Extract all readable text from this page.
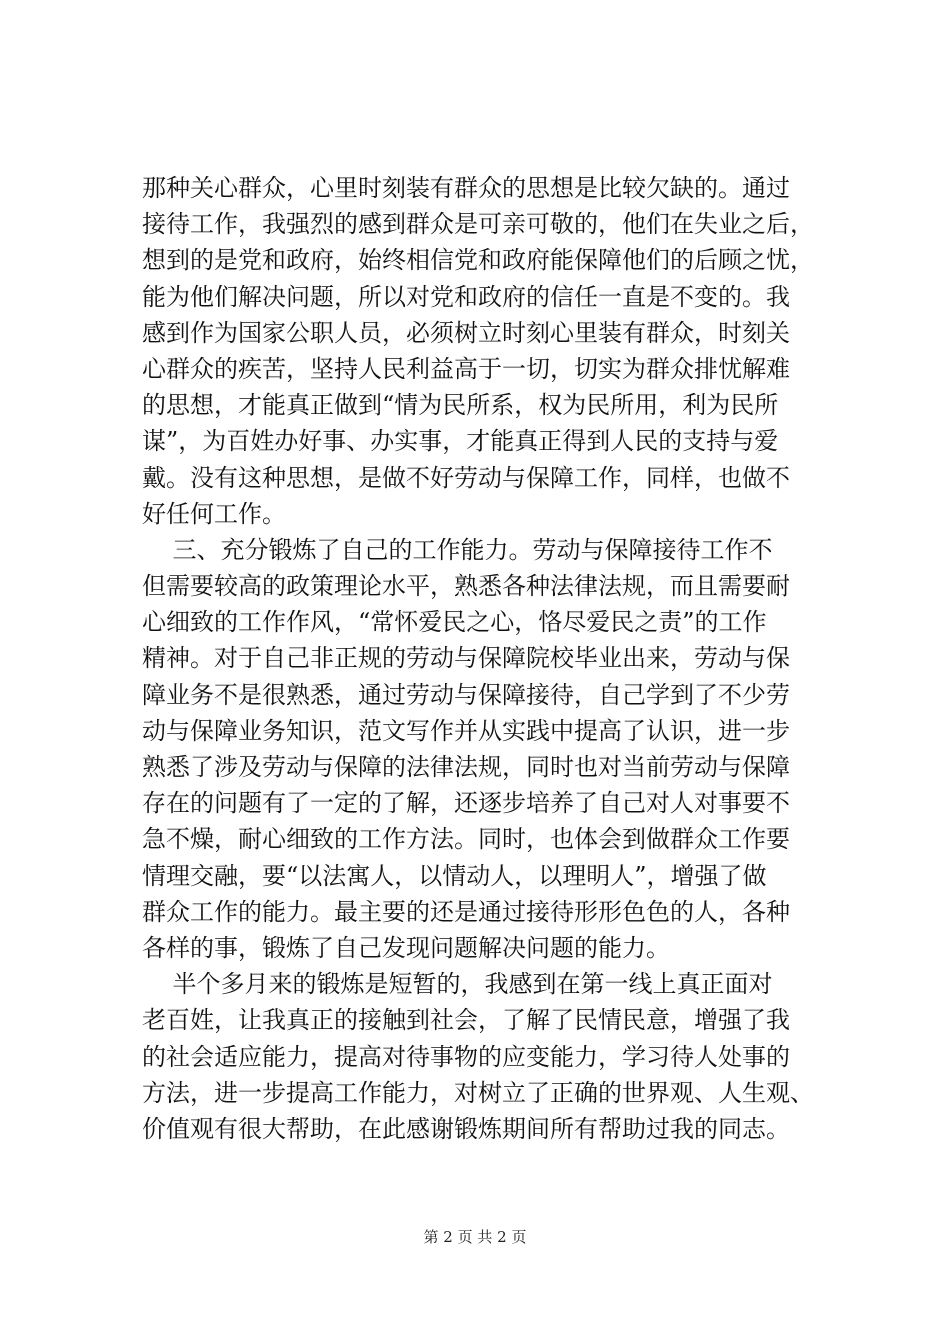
那种关心群众，心里时刻装有群众的思想是比较欠缺的。通过
接待工作，我强烈的感到群众是可亲可敬的，他们在失业之后，
想到的是党和政府，始终相信党和政府能保障他们的后顾之忧，
能为他们解决问题，所以对党和政府的信任一直是不变的。我
感到作为国家公职人员，必须树立时刻心里装有群众，时刻关
心群众的疾苦，坚持人民利益高于一切，切实为群众排忧解难
的思想，才能真正做到“情为民所系，权为民所用，利为民所
谋”，为百姓办好事、办实事，才能真正得到人民的支持与爱
戴。没有这种思想，是做不好劳动与保障工作，同样，也做不
好任何工作。
三、充分锻炼了自己的工作能力。劳动与保障接待工作不
但需要较高的政策理论水平，熟悉各种法律法规，而且需要耐
心细致的工作作风，“常怀爱民之心，恪尽爱民之责”的工作
精神。对于自己非正规的劳动与保障院校毕业出来，劳动与保
障业务不是很熟悉，通过劳动与保障接待，自己学到了不少劳
动与保障业务知识，范文写作并从实践中提高了认识，进一步
熟悉了涉及劳动与保障的法律法规，同时也对当前劳动与保障
存在的问题有了一定的了解，还逐步培养了自己对人对事要不
急不燥，耐心细致的工作方法。同时，也体会到做群众工作要
情理交融，要“以法寓人，以情动人，以理明人”，增强了做
群众工作的能力。最主要的还是通过接待形形色色的人，各种
各样的事，锻炼了自己发现问题解决问题的能力。
半个多月来的锻炼是短暂的，我感到在第一线上真正面对
老百姓，让我真正的接触到社会，了解了民情民意，增强了我
的社会适应能力，提高对待事物的应变能力，学习待人处事的
方法，进一步提高工作能力，对树立了正确的世界观、人生观、
价值观有很大帮助，在此感谢锻炼期间所有帮助过我的同志。
第 2 页 共 2 页
